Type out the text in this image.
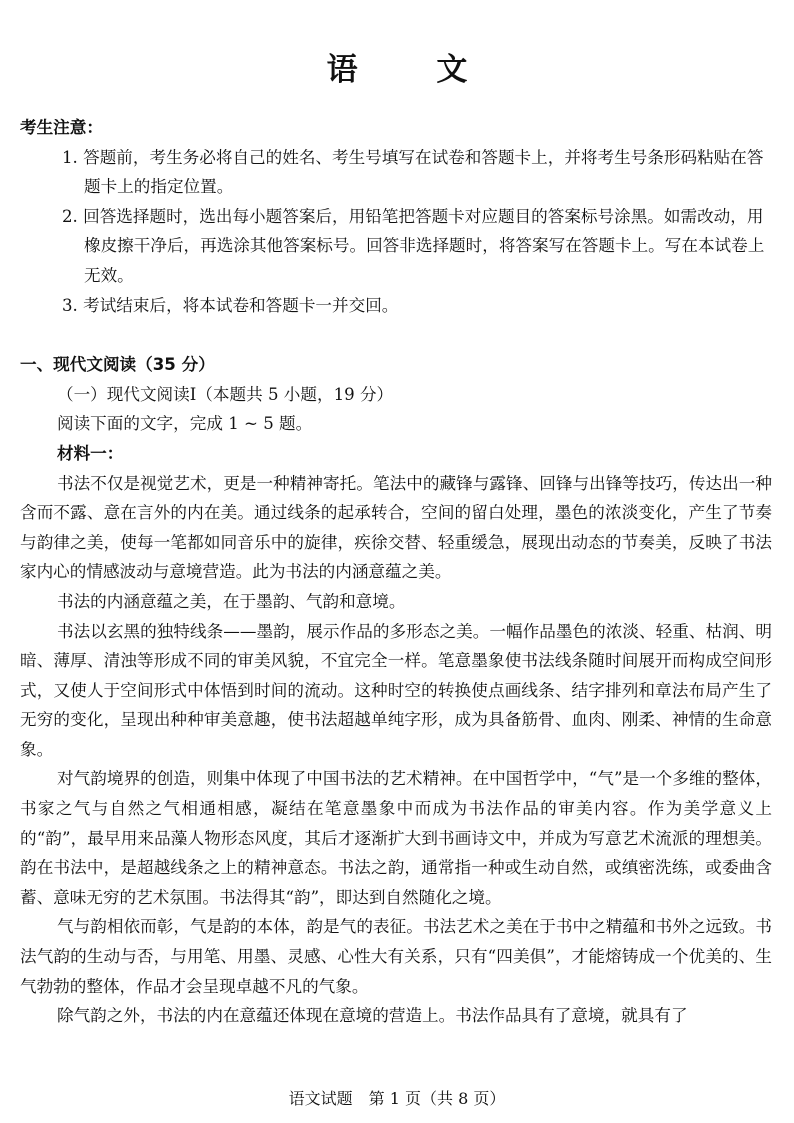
语 文
考生注意：
1. 答题前，考生务必将自己的姓名、考生号填写在试卷和答题卡上，并将考生号条形码粘贴在答题卡上的指定位置。
2. 回答选择题时，选出每小题答案后，用铅笔把答题卡对应题目的答案标号涂黑。如需改动，用橡皮擦干净后，再选涂其他答案标号。回答非选择题时，将答案写在答题卡上。写在本试卷上无效。
3. 考试结束后，将本试卷和答题卡一并交回。
一、现代文阅读（35 分）
（一）现代文阅读Ⅰ（本题共 5 小题，19 分）
阅读下面的文字，完成 1 ~ 5 题。
材料一：
书法不仅是视觉艺术，更是一种精神寄托。笔法中的藏锋与露锋、回锋与出锋等技巧，传达出一种含而不露、意在言外的内在美。通过线条的起承转合，空间的留白处理，墨色的浓淡变化，产生了节奏与韵律之美，使每一笔都如同音乐中的旋律，疾徐交替、轻重缓急，展现出动态的节奏美，反映了书法家内心的情感波动与意境营造。此为书法的内涵意蕴之美。
书法的内涵意蕴之美，在于墨韵、气韵和意境。
书法以玄黑的独特线条——墨韵，展示作品的多形态之美。一幅作品墨色的浓淡、轻重、枯润、明暗、薄厚、清浊等形成不同的审美风貌，不宜完全一样。笔意墨象使书法线条随时间展开而构成空间形式，又使人于空间形式中体悟到时间的流动。这种时空的转换使点画线条、结字排列和章法布局产生了无穷的变化，呈现出种种审美意趣，使书法超越单纯字形，成为具备筋骨、血肉、刚柔、神情的生命意象。
对气韵境界的创造，则集中体现了中国书法的艺术精神。在中国哲学中，“气”是一个多维的整体，书家之气与自然之气相通相感，凝结在笔意墨象中而成为书法作品的审美内容。作为美学意义上的“韵”，最早用来品藻人物形态风度，其后才逐渐扩大到书画诗文中，并成为写意艺术流派的理想美。韵在书法中，是超越线条之上的精神意态。书法之韵，通常指一种或生动自然，或缜密洗练，或委曲含蓄、意味无穷的艺术氛围。书法得其“韵”，即达到自然随化之境。
气与韵相依而彰，气是韵的本体，韵是气的表征。书法艺术之美在于书中之精蕴和书外之远致。书法气韵的生动与否，与用笔、用墨、灵感、心性大有关系，只有“四美俱”，才能熔铸成一个优美的、生气勃勃的整体，作品才会呈现卓越不凡的气象。
除气韵之外，书法的内在意蕴还体现在意境的营造上。书法作品具有了意境，就具有了
语文试题　第 1 页（共 8 页）
